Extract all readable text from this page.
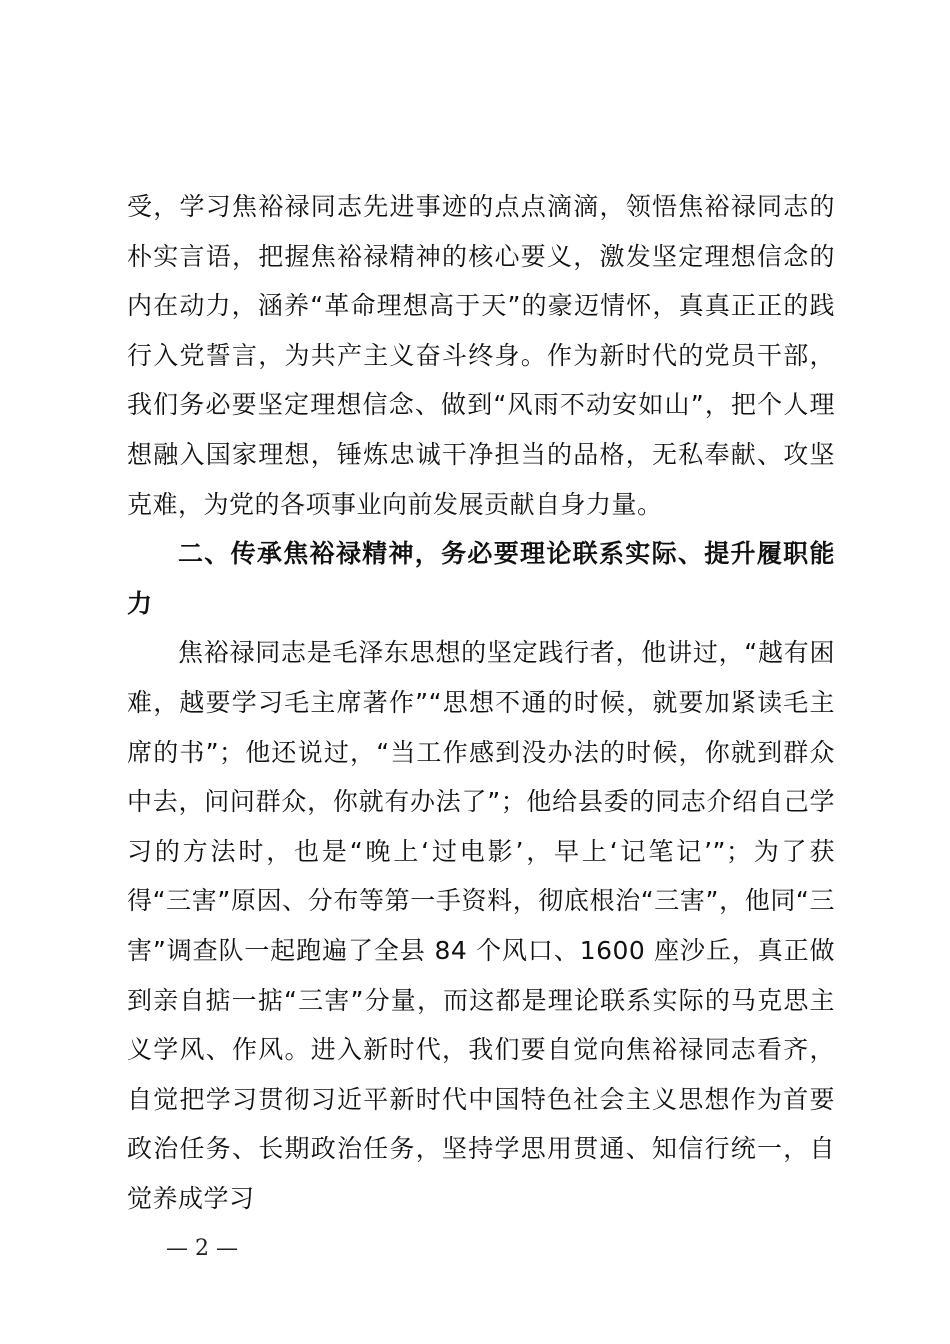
受，学习焦裕禄同志先进事迹的点点滴滴，领悟焦裕禄同志的朴实言语，把握焦裕禄精神的核心要义，激发坚定理想信念的内在动力，涵养“革命理想高于天”的豪迈情怀，真真正正的践行入党誓言，为共产主义奋斗终身。作为新时代的党员干部，我们务必要坚定理想信念、做到“风雨不动安如山”，把个人理想融入国家理想，锤炼忠诚干净担当的品格，无私奉献、攻坚克难，为党的各项事业向前发展贡献自身力量。

二、传承焦裕禄精神，务必要理论联系实际、提升履职能力

焦裕禄同志是毛泽东思想的坚定践行者，他讲过，“越有困难，越要学习毛主席著作”“思想不通的时候，就要加紧读毛主席的书”；他还说过，“当工作感到没办法的时候，你就到群众中去，问问群众，你就有办法了”；他给县委的同志介绍自己学习的方法时，也是“晚上‘过电影’，早上‘记笔记’”；为了获得“三害”原因、分布等第一手资料，彻底根治“三害”，他同“三害”调查队一起跑遍了全县 84 个风口、1600 座沙丘，真正做到亲自掂一掂“三害”分量，而这都是理论联系实际的马克思主义学风、作风。进入新时代，我们要自觉向焦裕禄同志看齐，自觉把学习贯彻习近平新时代中国特色社会主义思想作为首要政治任务、长期政治任务，坚持学思用贯通、知信行统一，自觉养成学习

— 2 —
